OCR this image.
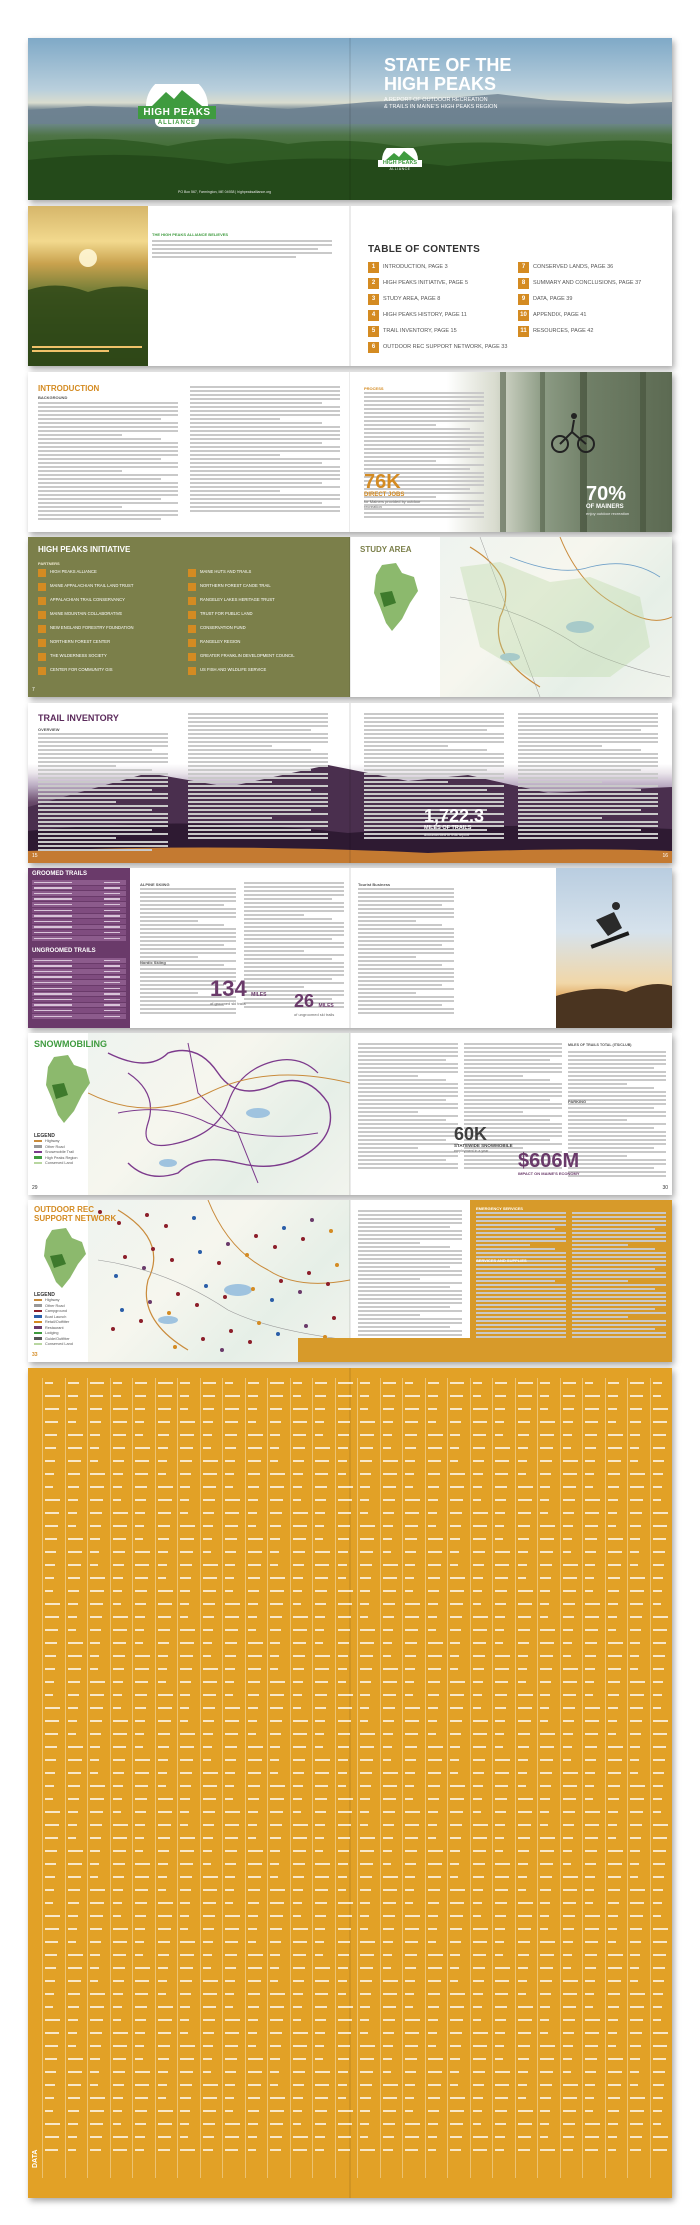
HIGH PEAKS
ALLIANCE
STATE OF THE
HIGH PEAKS
A REPORT OF OUTDOOR RECREATION
& TRAILS IN MAINE'S HIGH PEAKS REGION
HIGH PEAKS
ALLIANCE
PO Box 567, Farmington, ME 04938 | highpeaksalliance.org
THE HIGH PEAKS ALLIANCE BELIEVES
TABLE OF CONTENTS
1 INTRODUCTION, PAGE 3
2 HIGH PEAKS INITIATIVE, PAGE 5
3 STUDY AREA, PAGE 8
4 HIGH PEAKS HISTORY, PAGE 11
5 TRAIL INVENTORY, PAGE 15
6 OUTDOOR REC SUPPORT NETWORK, PAGE 33
7 CONSERVED LANDS, PAGE 36
8 SUMMARY AND CONCLUSIONS, PAGE 37
9 DATA, PAGE 39
10 APPENDIX, PAGE 41
11 RESOURCES, PAGE 42
INTRODUCTION
BACKGROUND
PROCESS
76K
DIRECT JOBS
for Mainers provided by outdoor recreation
70%
OF MAINERS
enjoy outdoor recreation
HIGH PEAKS INITIATIVE
PARTNERS
HIGH PEAKS ALLIANCE
MAINE APPALACHIAN TRAIL LAND TRUST
APPALACHIAN TRAIL CONSERVANCY
MAINE MOUNTAIN COLLABORATIVE
NEW ENGLAND FORESTRY FOUNDATION
NORTHERN FOREST CENTER
THE WILDERNESS SOCIETY
CENTER FOR COMMUNITY GIS
MAINE HUTS AND TRAILS
NORTHERN FOREST CANOE TRAIL
RANGELEY LAKES HERITAGE TRUST
TRUST FOR PUBLIC LAND
CONSERVATION FUND
RANGELEY REGION
GREATER FRANKLIN DEVELOPMENT COUNCIL
US FISH AND WILDLIFE SERVICE
7
STUDY AREA

TRAIL INVENTORY
OVERVIEW
1,722.3
MILES OF TRAILS
documented in this report
15	16
GROOMED TRAILS
UNGROOMED TRAILS
ALPINE SKIING
Nordic Skiing
Tourist Business
134 MILES
of groomed ski trails	26 MILES
of ungroomed ski trails
SNOWMOBILING
LEGEND
Highway
Other Road
Snowmobile Trail
High Peaks Region
Conserved Land
29
MILES OF TRAILS TOTAL (ITS/CLUB)
PARKING
60K
STATEWIDE SNOWMOBILE
employment in a year	$606M
IMPACT ON MAINE'S ECONOMY
30
OUTDOOR REC
SUPPORT NETWORK
LEGEND
Highway
Other Road
Campground
Boat Launch
Retail/Outfitter
Restaurant
Lodging
Guide/Outfitter
Conserved Land
33
EMERGENCY SERVICES
SERVICES AND SUPPLIES
DATA
